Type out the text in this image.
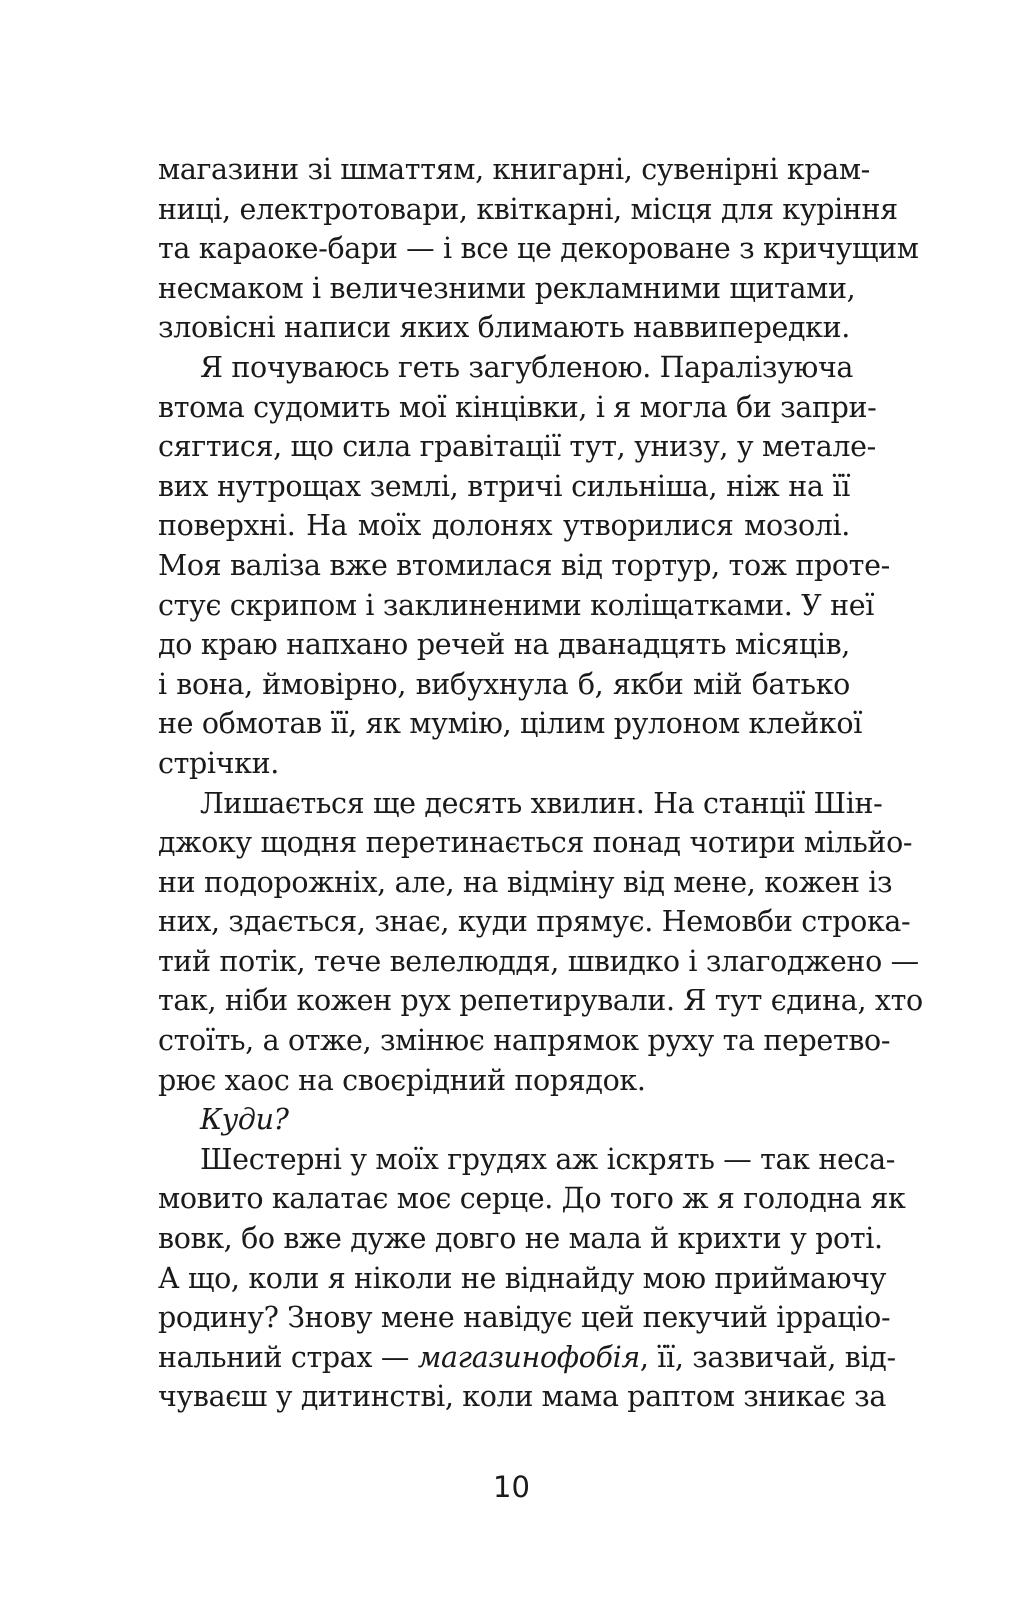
магазини зі шматтям, книгарні, сувенірні крам-
ниці, електротовари, квіткарні, місця для куріння
та караоке-бари — і все це декороване з кричущим
несмаком і величезними рекламними щитами,
зловісні написи яких блимають наввипередки.
Я почуваюсь геть загубленою. Паралізуюча
втома судомить мої кінцівки, і я могла би запри-
сягтися, що сила гравітації тут, унизу, у металe-
вих нутрощах землі, втричі сильніша, ніж на її
поверхні. На моїх долонях утворилися мозолі.
Моя валіза вже втомилася від тортур, тож проте-
стує скрипом і заклиненими коліщатками. У неї
до краю напхано речей на дванадцять місяців,
і вона, ймовірно, вибухнула б, якби мій батько
не обмотав її, як мумію, цілим рулоном клейкої
стрічки.
Лишається ще десять хвилин. На станції Шін-
джоку щодня перетинається понад чотири мільйо-
ни подорожніх, але, на відміну від мене, кожен із
них, здається, знає, куди прямує. Немовби строка-
тий потік, тече велелюддя, швидко і злагоджено —
так, ніби кожен рух репетирували. Я тут єдина, хто
стоїть, а отже, змінює напрямок руху та перетво-
рює хаос на своєрідний порядок.
Куди?
Шестерні у моїх грудях аж іскрять — так неса-
мовито калатає моє серце. До того ж я голодна як
вовк, бо вже дуже довго не мала й крихти у роті.
А що, коли я ніколи не віднайду мою приймаючу
родину? Знову мене навідує цей пекучий ірраціо-
нальний страх — магазинофобія, її, зазвичай, від-
чуваєш у дитинстві, коли мама раптом зникає за
10
